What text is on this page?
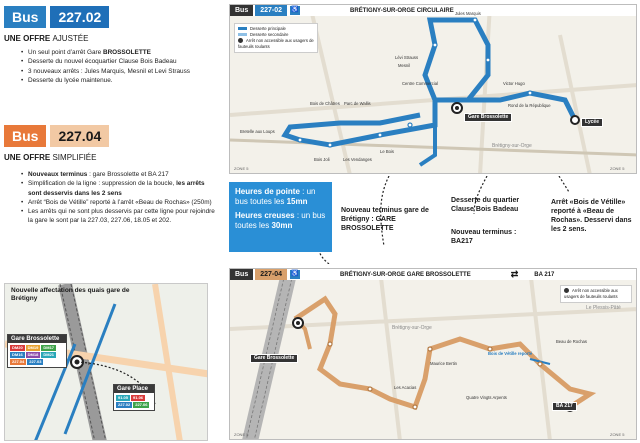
Bus	227.02
UNE OFFRE AJUSTÉE
• Un seul point d’arrêt Gare BROSSOLETTE
• Desserte du nouvel écoquartier Clause Bois Badeau
• 3 nouveaux arrêts : Jules Marquis, Mesnil et Levi Strauss
• Desserte du lycée maintenue.
Bus	227.04
UNE OFFRE SIMPLIFIÉE
• Nouveaux terminus : gare Brossolette et BA 217
• Simplification de la ligne : suppression de la boucle, les arrêts sont desservis dans les 2 sens
• Arrêt “Bois de Vétille” reporté à l’arrêt «Beau de Rochas» (250m)
• Les arrêts qui ne sont plus desservis par cette ligne pour rejoindre la gare le sont par la 227.03, 227.06, 18.05 et 202.
Nouvelle affectation des quais gare de Brétigny
Gare Brossolette
DM20	DM19	DM17
DM16	DM18	DM21
227.04	227.03
Gare Place
91.05	91.06
227.02	227.06
Bus	227-02	♿	BRÉTIGNY-SUR-ORGE CIRCULAIRE
Desserte principale
Desserte secondaire
Arrêt non accessible aux usagers de fauteuils roulants
Lévi Strauss
Mesnil
Jules Marquis
Centre Commercial	Victor Hugo
Rond de la République
Lycée
Gare Brossolette
Bois de Châtres Parc de Wallis
Bretelle aux Loups
Bois Joli	Les Vendanges
Le Bois
Brétigny-sur-Orge
ZONE 5	ZONE 5

Heures de pointe : un bus toutes les 15mn

Heures creuses : un bus toutes les 30mn

Nouveau terminus gare de Brétigny : GARE BROSSOLETTE
Desserte du quartier Clause Bois Badeau
Nouveau terminus : BA217
Arrêt «Bois de Vétille» reporté à «Beau de Rochas». Desservi dans les 2 sens.
Bus	227-04	♿	BRÉTIGNY-SUR-ORGE GARE BROSSOLETTE	⇄	BA 217
Arrêt non accessible aux usagers de fauteuils roulants
Gare Brossolette
Beau de Rochas
Bois de Vétille reporté
Brétigny-sur-Orge
BA 217
Le Plessis-Pâté
Maurice Bertin
Quatre Vingts Arpents
Les Acacias
ZONE 5	ZONE 5
